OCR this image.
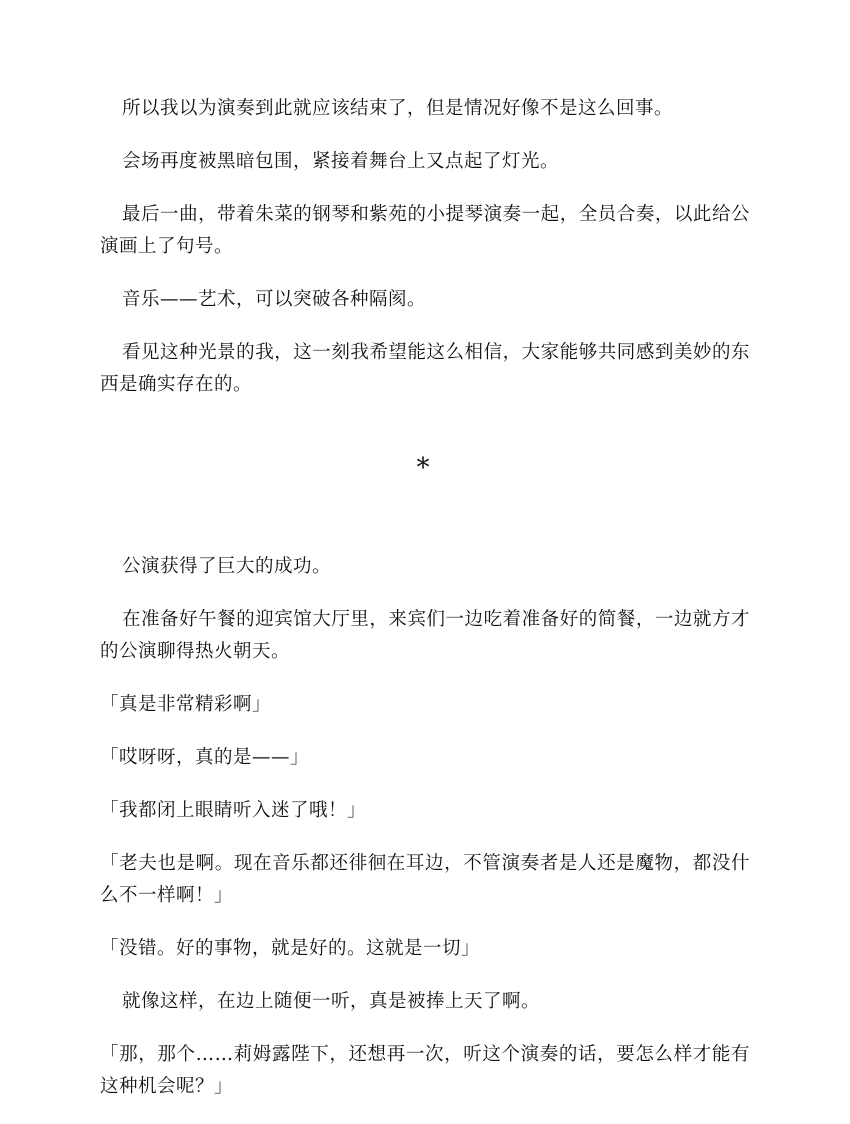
所以我以为演奏到此就应该结束了，但是情况好像不是这么回事。

会场再度被黑暗包围，紧接着舞台上又点起了灯光。

最后一曲，带着朱菜的钢琴和紫苑的小提琴演奏一起，全员合奏，以此给公演画上了句号。

音乐——艺术，可以突破各种隔阂。

看见这种光景的我，这一刻我希望能这么相信，大家能够共同感到美妙的东西是确实存在的。

*

公演获得了巨大的成功。

在准备好午餐的迎宾馆大厅里，来宾们一边吃着准备好的简餐，一边就方才的公演聊得热火朝天。

「真是非常精彩啊」

「哎呀呀，真的是——」

「我都闭上眼睛听入迷了哦！」

「老夫也是啊。现在音乐都还徘徊在耳边，不管演奏者是人还是魔物，都没什么不一样啊！」

「没错。好的事物，就是好的。这就是一切」

就像这样，在边上随便一听，真是被捧上天了啊。

「那，那个……莉姆露陛下，还想再一次，听这个演奏的话，要怎么样才能有这种机会呢？」
